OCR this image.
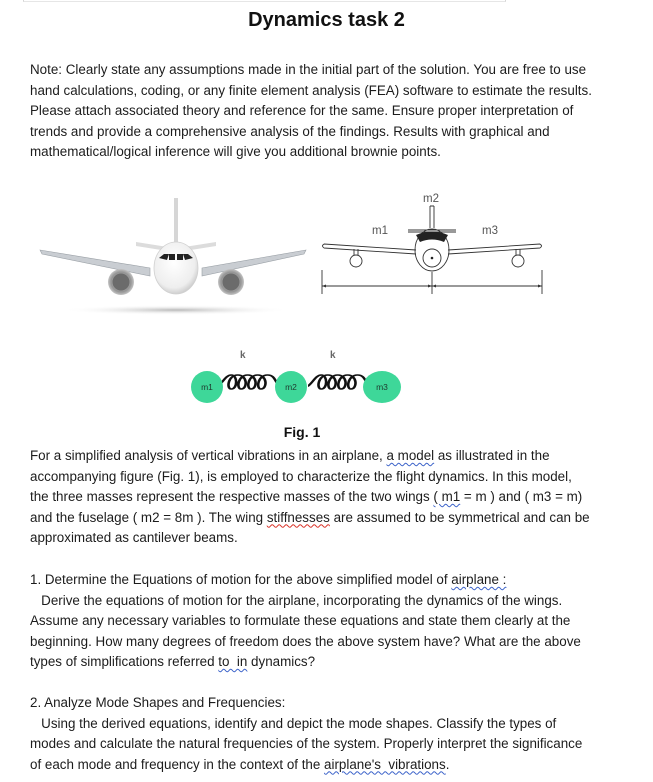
Dynamics task 2
Note: Clearly state any assumptions made in the initial part of the solution. You are free to use
hand calculations, coding, or any finite element analysis (FEA) software to estimate the results.
Please attach associated theory and reference for the same. Ensure proper interpretation of
trends and provide a comprehensive analysis of the findings. Results with graphical and
mathematical/logical inference will give you additional brownie points.
m2
m1	m3
k	k
m1	m2	m3
Fig. 1
For a simplified analysis of vertical vibrations in an airplane, a model as illustrated in the
accompanying figure (Fig. 1), is employed to characterize the flight dynamics. In this model,
the three masses represent the respective masses of the two wings ( m1 = m ) and ( m3 = m)
and the fuselage ( m2 = 8m ). The wing stiffnesses are assumed to be symmetrical and can be
approximated as cantilever beams.
1. Determine the Equations of motion for the above simplified model of airplane :
Derive the equations of motion for the airplane, incorporating the dynamics of the wings.
Assume any necessary variables to formulate these equations and state them clearly at the
beginning. How many degrees of freedom does the above system have? What are the above
types of simplifications referred to  in dynamics?
2. Analyze Mode Shapes and Frequencies:
Using the derived equations, identify and depict the mode shapes. Classify the types of
modes and calculate the natural frequencies of the system. Properly interpret the significance
of each mode and frequency in the context of the airplane's  vibrations.
